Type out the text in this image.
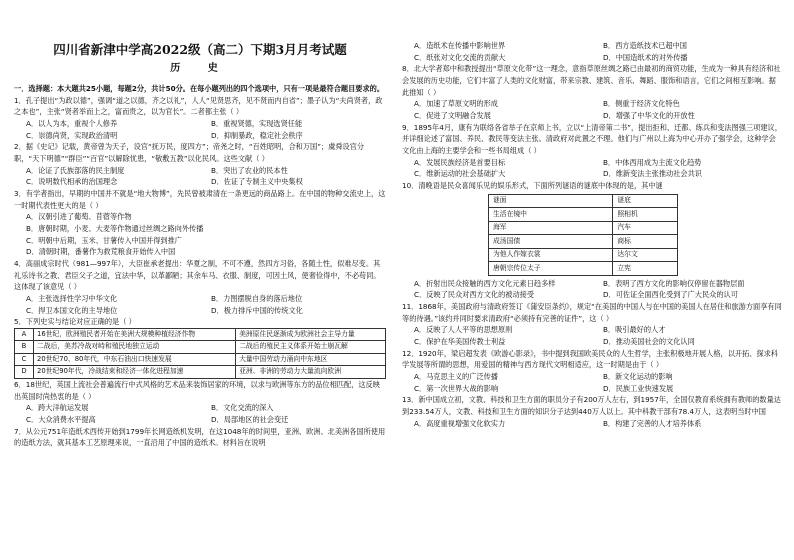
四川省新津中学高2022级（高二）下期3月月考试题
历 史

一．选择题：本大题共25小题，每题2分，共计50分。在每小题列出的四个选项中，只有一项是最符合题目要求的。

1．孔子提出“为政以德”，强调“道之以德，齐之以礼”，人人“见贤思齐，见不贤而内自省”；墨子认为“夫尚贤者，政之本也”，主张“贤者举而上之，富而贵之，以为官长”。二者都主张（ ）

A．以人为本，重视个人修养	B．重视贤德，实现选贤任能
C．崇德尚贤，实现政治清明	D．抑制暴政，稳定社会秩序

2．据《史记》记载，黄帝曾为天子，设官“抚万民，度四方”；帝尧之时，“百姓昭明，合和万国”；虞舜设官分职，“天下明德”“群臣”“百官”以解除忧患，“敬敷五教”以化民风。这些文献（ ）

A．论证了氏族部落的民主制度	B．突出了农业的民本性
C．说明数代相承的治国理念	D．佐证了专制主义中央集权

3．有学者指出，早期的中国并不就是“地大物博”，先民曾被肃清在一条更远的商品路上。在中国的物种交流史上，这一时期代表性更大的是（ ）

A．汉朝引进了葡萄、苜蓿等作物
B．唐朝时期，小麦、大麦等作物通过丝绸之路向外传播
C．明朝中后期，玉米、甘薯传入中国并得到推广
D．清朝时期，番薯作为救荒粮食开始传入中国

4．高丽成宗时代（981—997年），大臣崔承老提出：华夏之制，不可不遵，然四方习俗，各随土性，似难尽变。其礼乐诗书之教、君臣父子之道，宜法中华，以革鄙陋；其余车马、衣服、制度，可因土风，使奢俭得中，不必苟同。这体现了该意见（ ）

A．主张选择性学习中华文化	B．力图摆脱自身的落后地位
C．捍卫本国文化的主导地位	D．极力排斥中国的传统文化

5．下列史实与结论对应正确的是（ ）

A	16世纪，欧洲殖民者开始在美洲大规模种植经济作物	美洲原住民逐渐成为欧洲社会主导力量
B	二战后，美苏冷战对峙和殖民地独立运动	二战后的殖民主义体系开始土崩瓦解
C	20世纪70、80年代，中东石油出口快速发展	大量中国劳动力涌向中东地区
D	20世纪90年代，冷战结束和经济一体化进程加速	亚洲、非洲的劳动力大量流向欧洲

6．18世纪，英国上流社会普遍流行中式风格的艺术品来装饰居家的环境，以求与欧洲等东方的品位相匹配，这反映出英国时尚热衷的是（ ）

A．跨大洋航运发展	B．文化交流的深入
C．大众消费水平提高	D．局部地区的社会变迁

7．从公元751年造纸术西传开始到1799年长网造纸机发明，在这1048年的时间里，亚洲、欧洲、北美洲各国所使用的造纸方法，就其基本工艺原理来说，一直沿用了中国的造纸术。材料旨在说明

A．造纸术在传播中影响世界	B．西方造纸技术已超中国
C．纸张对文化交流的贡献大	D．中国造纸术的对外传播

8．北大学者郑中和教授提出“草原文化带”这一理念，意指草原丝绸之路已由最初的商贸功能，生成为一种具有经济和社会发展的历史功能，它们丰富了人类的文化财富，带来宗教、建筑、音乐、舞蹈、服饰和语言，它们之间相互影响。据此推知（ ）

A．加速了草原文明的形成	B．侧重于经济文化特色
C．促进了文明融合发展	D．增强了中华文化的开放性

9．1895年4月，康有为联络各省举子在京师上书，立以“上清帝第二书”，提出拒和、迁都、练兵和变法图强三项建议，并详细论述了富国、养民、教民等变法主张。清政府对此置之不理。他们与广州以上海为中心开办了强学会，这种学会文化由上海的主要学会和一些书局组成（ ）

A．发展民族经济是首要目标	B．中体西用成为主流文化趋势
C．维新运动的社会基础扩大	D．维新变法主张推动社会共识

10．清晚语是民众喜闻乐见的娱乐形式，下面所列谜语的谜底中体现的是，其中谜

谜面	谜底
生活在镜中	照相机
海军	汽车
成汤国债	商标
为他人作嫁衣裳	达尔文
唐朝宗传位太子	立宪
A．折射出民众接触的西方文化元素日趋多样	B．表明了西方文化的影响仅停留在器物层面
C．反映了民众对西方文化的被动接受	D．可佐证全面西化受到了广大民众的认可

11．1868年，美国政府与清政府签订《蒲安臣条约》，规定“在美国的中国人与在中国的美国人在居住和旅游方面享有同等的待遇。”该约并同时要求清政府“必须持有完善的证件”，这（ ）

A．反映了人人平等的思想原则	B．吸引最好的人才
C．保护在华美国传教士利益	D．推动美国社会的文化认同

12．1920年，梁启超发表《欧游心影录》，书中提到我国欧美民众的人生哲学，主张积极地开展人格，以开拓、探求科学发展等所谓的思想，用爱国的精神与西方现代文明相适应，这一时期是由于（ ）

A．马克思主义的广泛传播	B．新文化运动的影响
C．第一次世界大战的影响	D．民族工业快速发展

13．新中国成立初，文教、科技和卫生方面的职员分子有200万人左右，到1957年，全国仅教育系统拥有教师的数量达到233.54万人，文教、科技和卫生方面的知识分子达到440万人以上。其中科教干部有78.4万人，这表明当时中国

A．高度重视增强文化软实力	B．构建了完善的人才培养体系
